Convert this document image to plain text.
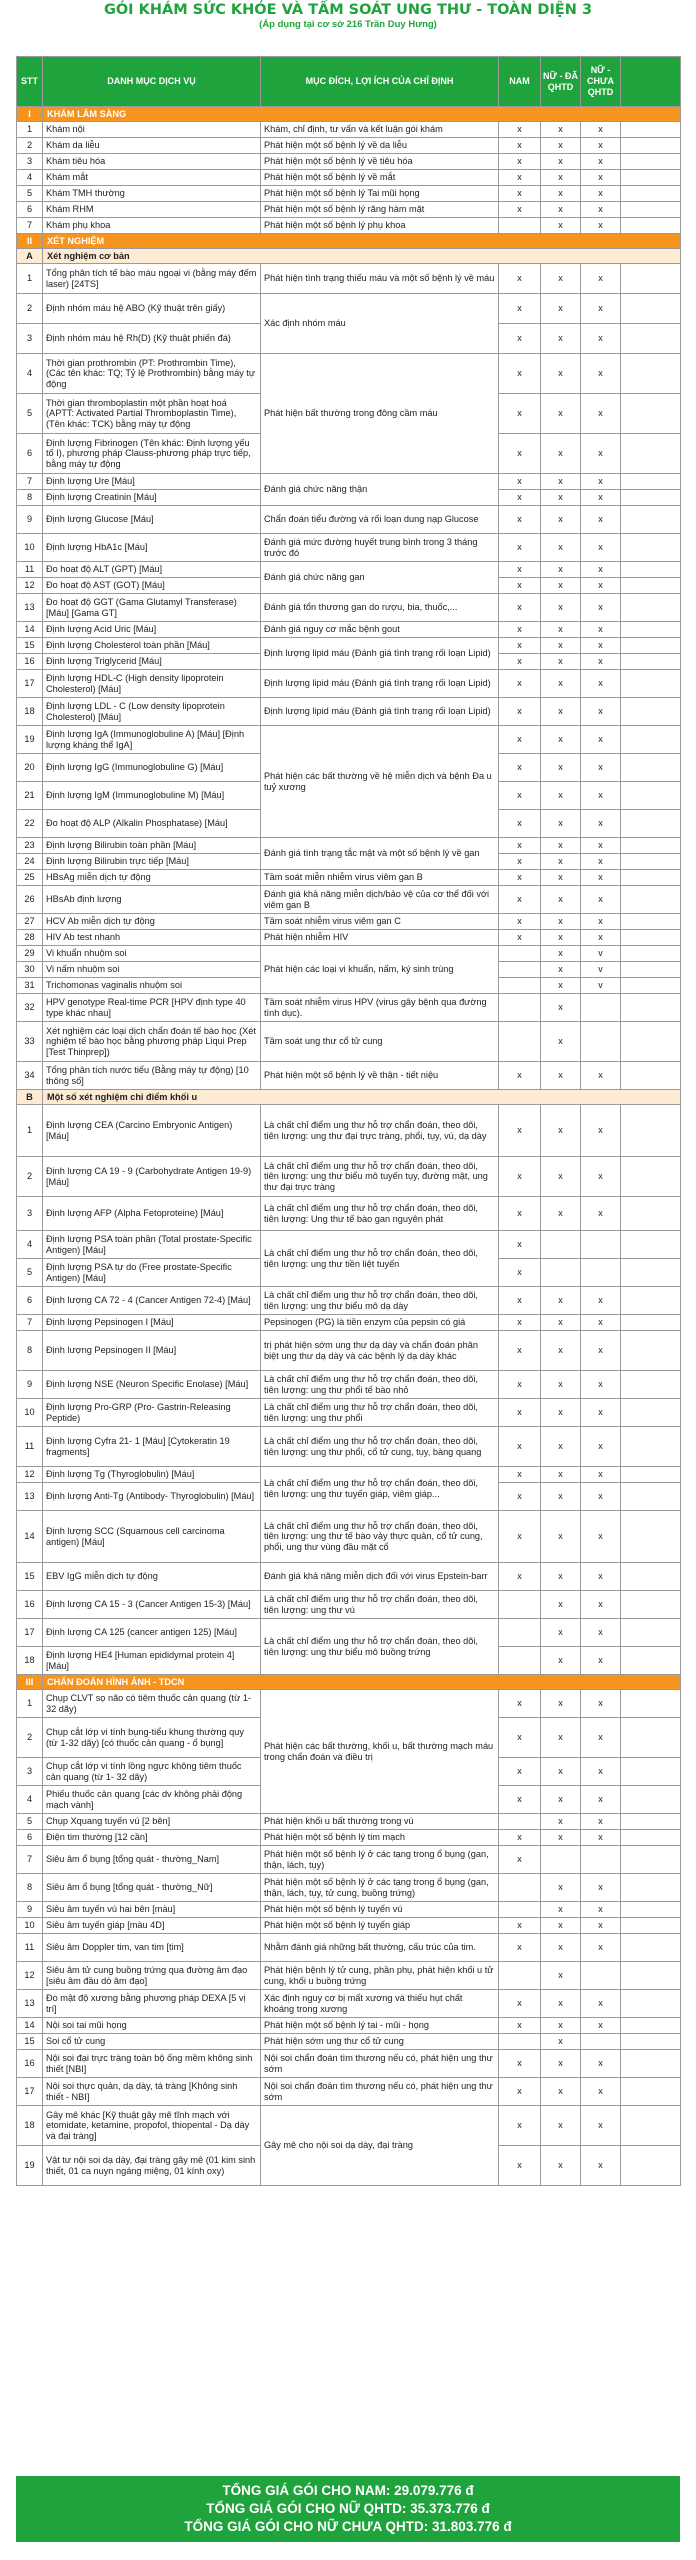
GÓI KHÁM SỨC KHỎE VÀ TẦM SOÁT UNG THƯ - TOÀN DIỆN 3
(Áp dụng tại cơ sở 216 Trần Duy Hưng)
STT	DANH MỤC DỊCH VỤ	MỤC ĐÍCH, LỢI ÍCH CỦA CHỈ ĐỊNH	NAM	NỮ - ĐÃ QHTD	NỮ - CHƯA QHTD	
I	KHÁM LÂM SÀNG					
1	Khám nội	Khám, chỉ định, tư vấn và kết luận gói khám	x	x	x	
2	Khám da liễu	Phát hiện một số bệnh lý về da liễu	x	x	x	
3	Khám tiêu hóa	Phát hiện một số bệnh lý về tiêu hóa	x	x	x	
4	Khám mắt	Phát hiện một số bệnh lý về mắt	x	x	x	
5	Khám TMH thường	Phát hiện một số bệnh lý Tai mũi họng	x	x	x	
6	Khám RHM	Phát hiện một số bệnh lý răng hàm mặt	x	x	x	
7	Khám phụ khoa	Phát hiện một số bệnh lý phụ khoa		x	x	
II	XÉT NGHIỆM					
A	Xét nghiệm cơ bản					
1	Tổng phân tích tế bào máu ngoại vi (bằng máy đếm laser) [24TS]	Phát hiện tình trạng thiếu máu và một số bệnh lý về máu	x	x	x	
2	Định nhóm máu hệ ABO (Kỹ thuật trên giấy)	Xác định nhóm máu	x	x	x	
3	Định nhóm máu hệ Rh(D) (Kỹ thuật phiến đá)		x	x	x	
4	Thời gian prothrombin (PT: Prothrombin Time), (Các tên khác: TQ; Tỷ lệ Prothrombin) bằng máy tự động	Phát hiện bất thường trong đông cầm máu	x	x	x	
5	Thời gian thromboplastin một phần hoạt hoá (APTT: Activated Partial Thromboplastin Time), (Tên khác: TCK) bằng máy tự động		x	x	x	
6	Định lượng Fibrinogen (Tên khác: Định lượng yếu tố I), phương pháp Clauss-phương pháp trực tiếp, bằng máy tự động		x	x	x	
7	Định lượng Ure [Máu]	Đánh giá chức năng thận	x	x	x	
8	Định lượng Creatinin [Máu]		x	x	x	
9	Định lượng Glucose [Máu]	Chẩn đoán tiểu đường và rối loạn dung nạp Glucose	x	x	x	
10	Định lượng HbA1c [Máu]	Đánh giá mức đường huyết trung bình trong 3 tháng trước đó	x	x	x	
11	Đo hoạt độ ALT (GPT) [Máu]	Đánh giá chức năng gan	x	x	x	
12	Đo hoạt độ AST (GOT) [Máu]		x	x	x	
13	Đo hoạt độ GGT (Gama Glutamyl Transferase) [Máu] [Gama GT]	Đánh giá tổn thương gan do rượu, bia, thuốc,...	x	x	x	
14	Định lượng Acid Uric [Máu]	Đánh giá nguy cơ mắc bệnh gout	x	x	x	
15	Định lượng Cholesterol toàn phần [Máu]	Định lượng lipid máu (Đánh giá tình trạng rối loạn Lipid)	x	x	x	
16	Định lượng Triglycerid [Máu]		x	x	x	
17	Định lượng HDL-C (High density lipoprotein Cholesterol) [Máu]	Định lượng lipid máu (Đánh giá tình trạng rối loạn Lipid)	x	x	x	
18	Định lượng LDL - C (Low density lipoprotein Cholesterol) [Máu]	Định lượng lipid máu (Đánh giá tình trạng rối loạn Lipid)	x	x	x	
19	Định lượng IgA (Immunoglobuline A) [Máu] [Định lượng kháng thể IgA]	Phát hiện các bất thường về hệ miễn dịch và bệnh Đa u tuỷ xương	x	x	x	
20	Định lượng IgG (Immunoglobuline G) [Máu]		x	x	x	
21	Định lượng IgM (Immunoglobuline M) [Máu]		x	x	x	
22	Đo hoạt độ ALP (Alkalin Phosphatase) [Máu]		x	x	x	
23	Định lượng Bilirubin toàn phần [Máu]	Đánh giá tình trạng tắc mật và một số bệnh lý về gan	x	x	x	
24	Định lượng Bilirubin trực tiếp [Máu]		x	x	x	
25	HBsAg miễn dịch tự động	Tầm soát miễn nhiễm virus viêm gan B	x	x	x	
26	HBsAb định lượng	Đánh giá khả năng miễn dịch/bảo vệ của cơ thể đối với viêm gan B	x	x	x	
27	HCV Ab miễn dịch tự động	Tầm soát nhiễm virus viêm gan C	x	x	x	
28	HIV Ab test nhanh	Phát hiện nhiễm HIV	x	x	x	
29	Vi khuẩn nhuộm soi	Phát hiện các loại vi khuẩn, nấm, ký sinh trùng		x	v	
30	Vi nấm nhuộm soi			x	v	
31	Trichomonas vaginalis nhuộm soi			x	v	
32	HPV genotype Real-time PCR [HPV định type 40 type khác nhau]	Tầm soát nhiễm virus HPV (virus gây bệnh qua đường tình dục).		x		
33	Xét nghiệm các loại dịch chẩn đoán tế bào học (Xét nghiệm tế bào học bằng phương pháp Liqui Prep [Test Thinprep])	Tầm soát ung thư cổ tử cung		x		
34	Tổng phân tích nước tiểu (Bằng máy tự động) [10 thông số]	Phát hiện một số bệnh lý về thận - tiết niệu	x	x	x	
B	Một số xét nghiệm chỉ điểm khối u					
1	Định lượng CEA (Carcino Embryonic Antigen) [Máu]	Là chất chỉ điểm ung thư hỗ trợ chẩn đoán, theo dõi, tiên lượng: ung thư đại trực tràng, phổi, tụy, vú, dạ dày	x	x	x	
2	Định lượng CA 19 - 9 (Carbohydrate Antigen 19-9) [Máu]	Là chất chỉ điểm ung thư hỗ trợ chẩn đoán, theo dõi, tiên lượng: ung thư biểu mô tuyến tụy, đường mật, ung thư đại trực tràng	x	x	x	
3	Định lượng AFP (Alpha Fetoproteine) [Máu]	Là chất chỉ điểm ung thư hỗ trợ chẩn đoán, theo dõi, tiên lượng: Ung thư tế bào gan nguyên phát	x	x	x	
4	Định lượng PSA toàn phần (Total prostate-Specific Antigen) [Máu]	Là chất chỉ điểm ung thư hỗ trợ chẩn đoán, theo dõi, tiên lượng: ung thư tiền liệt tuyến	x			
5	Định lượng PSA tự do (Free prostate-Specific Antigen) [Máu]		x			
6	Định lượng CA 72 - 4 (Cancer Antigen 72-4) [Máu]	Là chất chỉ điểm ung thư hỗ trợ chẩn đoán, theo dõi, tiên lượng: ung thư biểu mô dạ dày	x	x	x	
7	Định lượng Pepsinogen I [Máu]	Pepsinogen (PG) là tiền enzym của pepsin có giá	x	x	x	
8	Định lượng Pepsinogen II [Máu]	trị phát hiện sớm ung thư dạ dày và chẩn đoán phân biệt ung thư dạ dày và các bệnh lý dạ dày khác	x	x	x	
9	Định lượng NSE (Neuron Specific Enolase) [Máu]	Là chất chỉ điểm ung thư hỗ trợ chẩn đoán, theo dõi, tiên lượng: ung thư phổi tế bào nhỏ	x	x	x	
10	Định lượng Pro-GRP (Pro- Gastrin-Releasing Peptide)	Là chất chỉ điểm ung thư hỗ trợ chẩn đoán, theo dõi, tiên lượng: ung thư phổi	x	x	x	
11	Định lượng Cyfra 21- 1 [Máu] [Cytokeratin 19 fragments]	Là chất chỉ điểm ung thư hỗ trợ chẩn đoán, theo dõi, tiên lượng: ung thư phổi, cổ tử cung, tụy, bàng quang	x	x	x	
12	Định lượng Tg (Thyroglobulin) [Máu]	Là chất chỉ điểm ung thư hỗ trợ chẩn đoán, theo dõi, tiên lượng: ung thư tuyến giáp, viêm giáp...	x	x	x	
13	Định lượng Anti-Tg (Antibody- Thyroglobulin) [Máu]		x	x	x	
14	Định lượng SCC (Squamous cell carcinoma antigen) [Máu]	Là chất chỉ điểm ung thư hỗ trợ chẩn đoán, theo dõi, tiên lượng: ung thư tế bào vảy thực quản, cổ tử cung, phổi, ung thư vùng đầu mặt cổ	x	x	x	
15	EBV IgG miễn dịch tự động	Đánh giá khả năng miễn dịch đối với virus Epstein-barr	x	x	x	
16	Định lượng CA 15 - 3 (Cancer Antigen 15-3) [Máu]	Là chất chỉ điểm ung thư hỗ trợ chẩn đoán, theo dõi, tiên lượng: ung thư vú		x	x	
17	Định lượng CA 125 (cancer antigen 125) [Máu]	Là chất chỉ điểm ung thư hỗ trợ chẩn đoán, theo dõi, tiên lượng: ung thư biểu mô buồng trứng		x	x	
18	Định lượng HE4 [Human epididymal protein 4] [Máu]			x	x	
III	CHẨN ĐOÁN HÌNH ẢNH - TDCN					
1	Chụp CLVT sọ não có tiêm thuốc cản quang (từ 1-32 dãy)	Phát hiện các bất thường, khối u, bất thường mạch máu trong chẩn đoán và điều trị	x	x	x	
2	Chụp cắt lớp vi tính bụng-tiểu khung thường quy (từ 1-32 dãy) [có thuốc cản quang - ổ bụng]		x	x	x	
3	Chụp cắt lớp vi tính lồng ngực không tiêm thuốc cản quang (từ 1- 32 dãy)		x	x	x	
4	Phiếu thuốc cản quang [các dv không phải động mạch vành]		x	x	x	
5	Chụp Xquang tuyến vú [2 bên]	Phát hiện khối u bất thường trong vú		x	x	
6	Điện tim thường [12 cần]	Phát hiện một số bệnh lý tim mạch	x	x	x	
7	Siêu âm ổ bụng [tổng quát - thường_Nam]	Phát hiện một số bệnh lý ở các tạng trong ổ bụng (gan, thận, lách, tụy)	x			
8	Siêu âm ổ bụng [tổng quát - thường_Nữ]	Phát hiện một số bệnh lý ở các tạng trong ổ bụng (gan, thận, lách, tụy, tử cung, buồng trứng)		x	x	
9	Siêu âm tuyến vú hai bên [màu]	Phát hiện một số bệnh lý tuyến vú		x	x	
10	Siêu âm tuyến giáp [màu 4D]	Phát hiện một số bệnh lý tuyến giáp	x	x	x	
11	Siêu âm Doppler tim, van tim [tim]	Nhằm đánh giá những bất thường, cấu trúc của tim.	x	x	x	
12	Siêu âm tử cung buồng trứng qua đường âm đạo [siêu âm đầu dò âm đạo]	Phát hiện bệnh lý tử cung, phần phụ, phát hiện khối u tử cung, khối u buồng trứng		x		
13	Đo mật độ xương bằng phương pháp DEXA [5 vị trí]	Xác định nguy cơ bị mất xương và thiếu hụt chất khoáng trong xương	x	x	x	
14	Nội soi tai mũi họng	Phát hiện một số bệnh lý tai - mũi - họng	x	x	x	
15	Soi cổ tử cung	Phát hiện sớm ung thư cổ tử cung		x		
16	Nội soi đại trực tràng toàn bộ ống mềm không sinh thiết [NBI]	Nội soi chẩn đoán tìm thương nếu có, phát hiện ung thư sớm	x	x	x	
17	Nội soi thực quản, dạ dày, tá tràng [Không sinh thiết - NBI]	Nội soi chẩn đoán tìm thương nếu có, phát hiện ung thư sớm	x	x	x	
18	Gây mê khác [Kỹ thuật gây mê tĩnh mạch với etomidate, ketamine, propofol, thiopental - Dạ dày và đại tràng]	Gây mê cho nội soi dạ dày, đại tràng	x	x	x	
19	Vật tư nội soi dạ dày, đại tràng gây mê (01 kim sinh thiết, 01 ca nuyn ngáng miệng, 01 kính oxy)		x	x	x	
TỔNG GIÁ GÓI CHO NAM: 29.079.776 đ
TỔNG GIÁ GÓI CHO NỮ QHTD: 35.373.776 đ
TỔNG GIÁ GÓI CHO NỮ CHƯA QHTD: 31.803.776 đ
